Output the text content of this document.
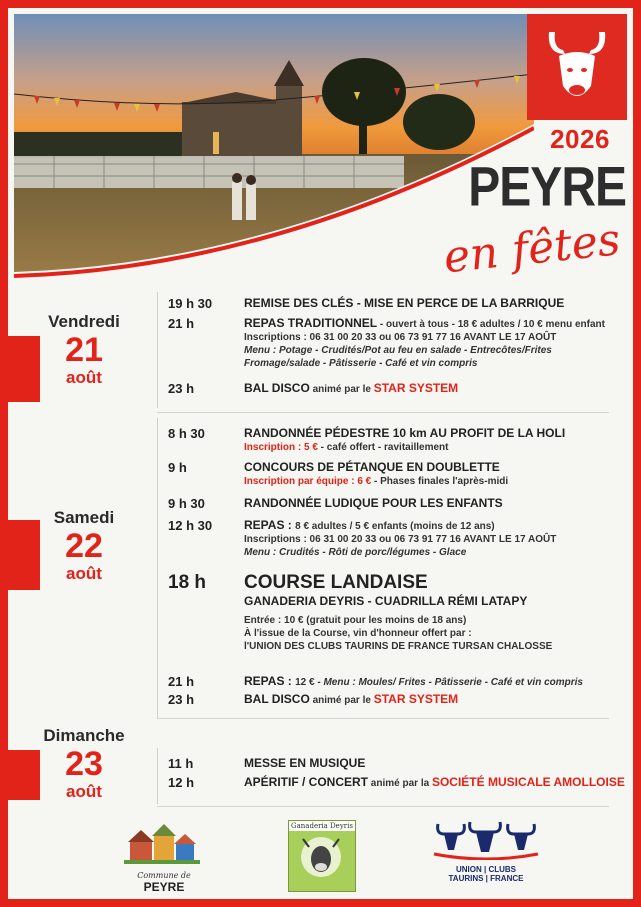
2026
PEYRE
en fêtes
Vendredi
21
août
Samedi
22
août
Dimanche
23
août
19 h 30	REMISE DES CLÉS - MISE EN PERCE DE LA BARRIQUE
21 h	REPAS TRADITIONNEL - ouvert à tous - 18 € adultes / 10 € menu enfant
Inscriptions : 06 31 00 20 33 ou 06 73 91 77 16 AVANT LE 17 AOÛT
Menu : Potage - Crudités/Pot au feu en salade - Entrecôtes/Frites
Fromage/salade - Pâtisserie - Café et vin compris
23 h	BAL DISCO animé par le STAR SYSTEM
8 h 30	RANDONNÉE PÉDESTRE 10 km AU PROFIT DE LA HOLI
Inscription : 5 € - café offert - ravitaillement
9 h	CONCOURS DE PÉTANQUE EN DOUBLETTE
Inscription par équipe : 6 € - Phases finales l'après-midi
9 h 30	RANDONNÉE LUDIQUE POUR LES ENFANTS
12 h 30	REPAS : 8 € adultes / 5 € enfants (moins de 12 ans)
Inscriptions : 06 31 00 20 33 ou 06 73 91 77 16 AVANT LE 17 AOÛT
Menu : Crudités - Rôti de porc/légumes - Glace
18 h COURSE LANDAISE
GANADERIA DEYRIS - CUADRILLA RÉMI LATAPY
Entrée : 10 € (gratuit pour les moins de 18 ans)
À l'issue de la Course, vin d'honneur offert par :
l'UNION DES CLUBS TAURINS DE FRANCE TURSAN CHALOSSE
21 h	REPAS : 12 € - Menu : Moules/ Frites - Pâtisserie - Café et vin compris
23 h	BAL DISCO animé par le STAR SYSTEM
11 h	MESSE EN MUSIQUE
12 h	APÉRITIF / CONCERT animé par la SOCIÉTÉ MUSICALE AMOLLOISE
Commune de
PEYRE
Ganaderia Deyris
UNION | CLUBS
TAURINS | FRANCE
